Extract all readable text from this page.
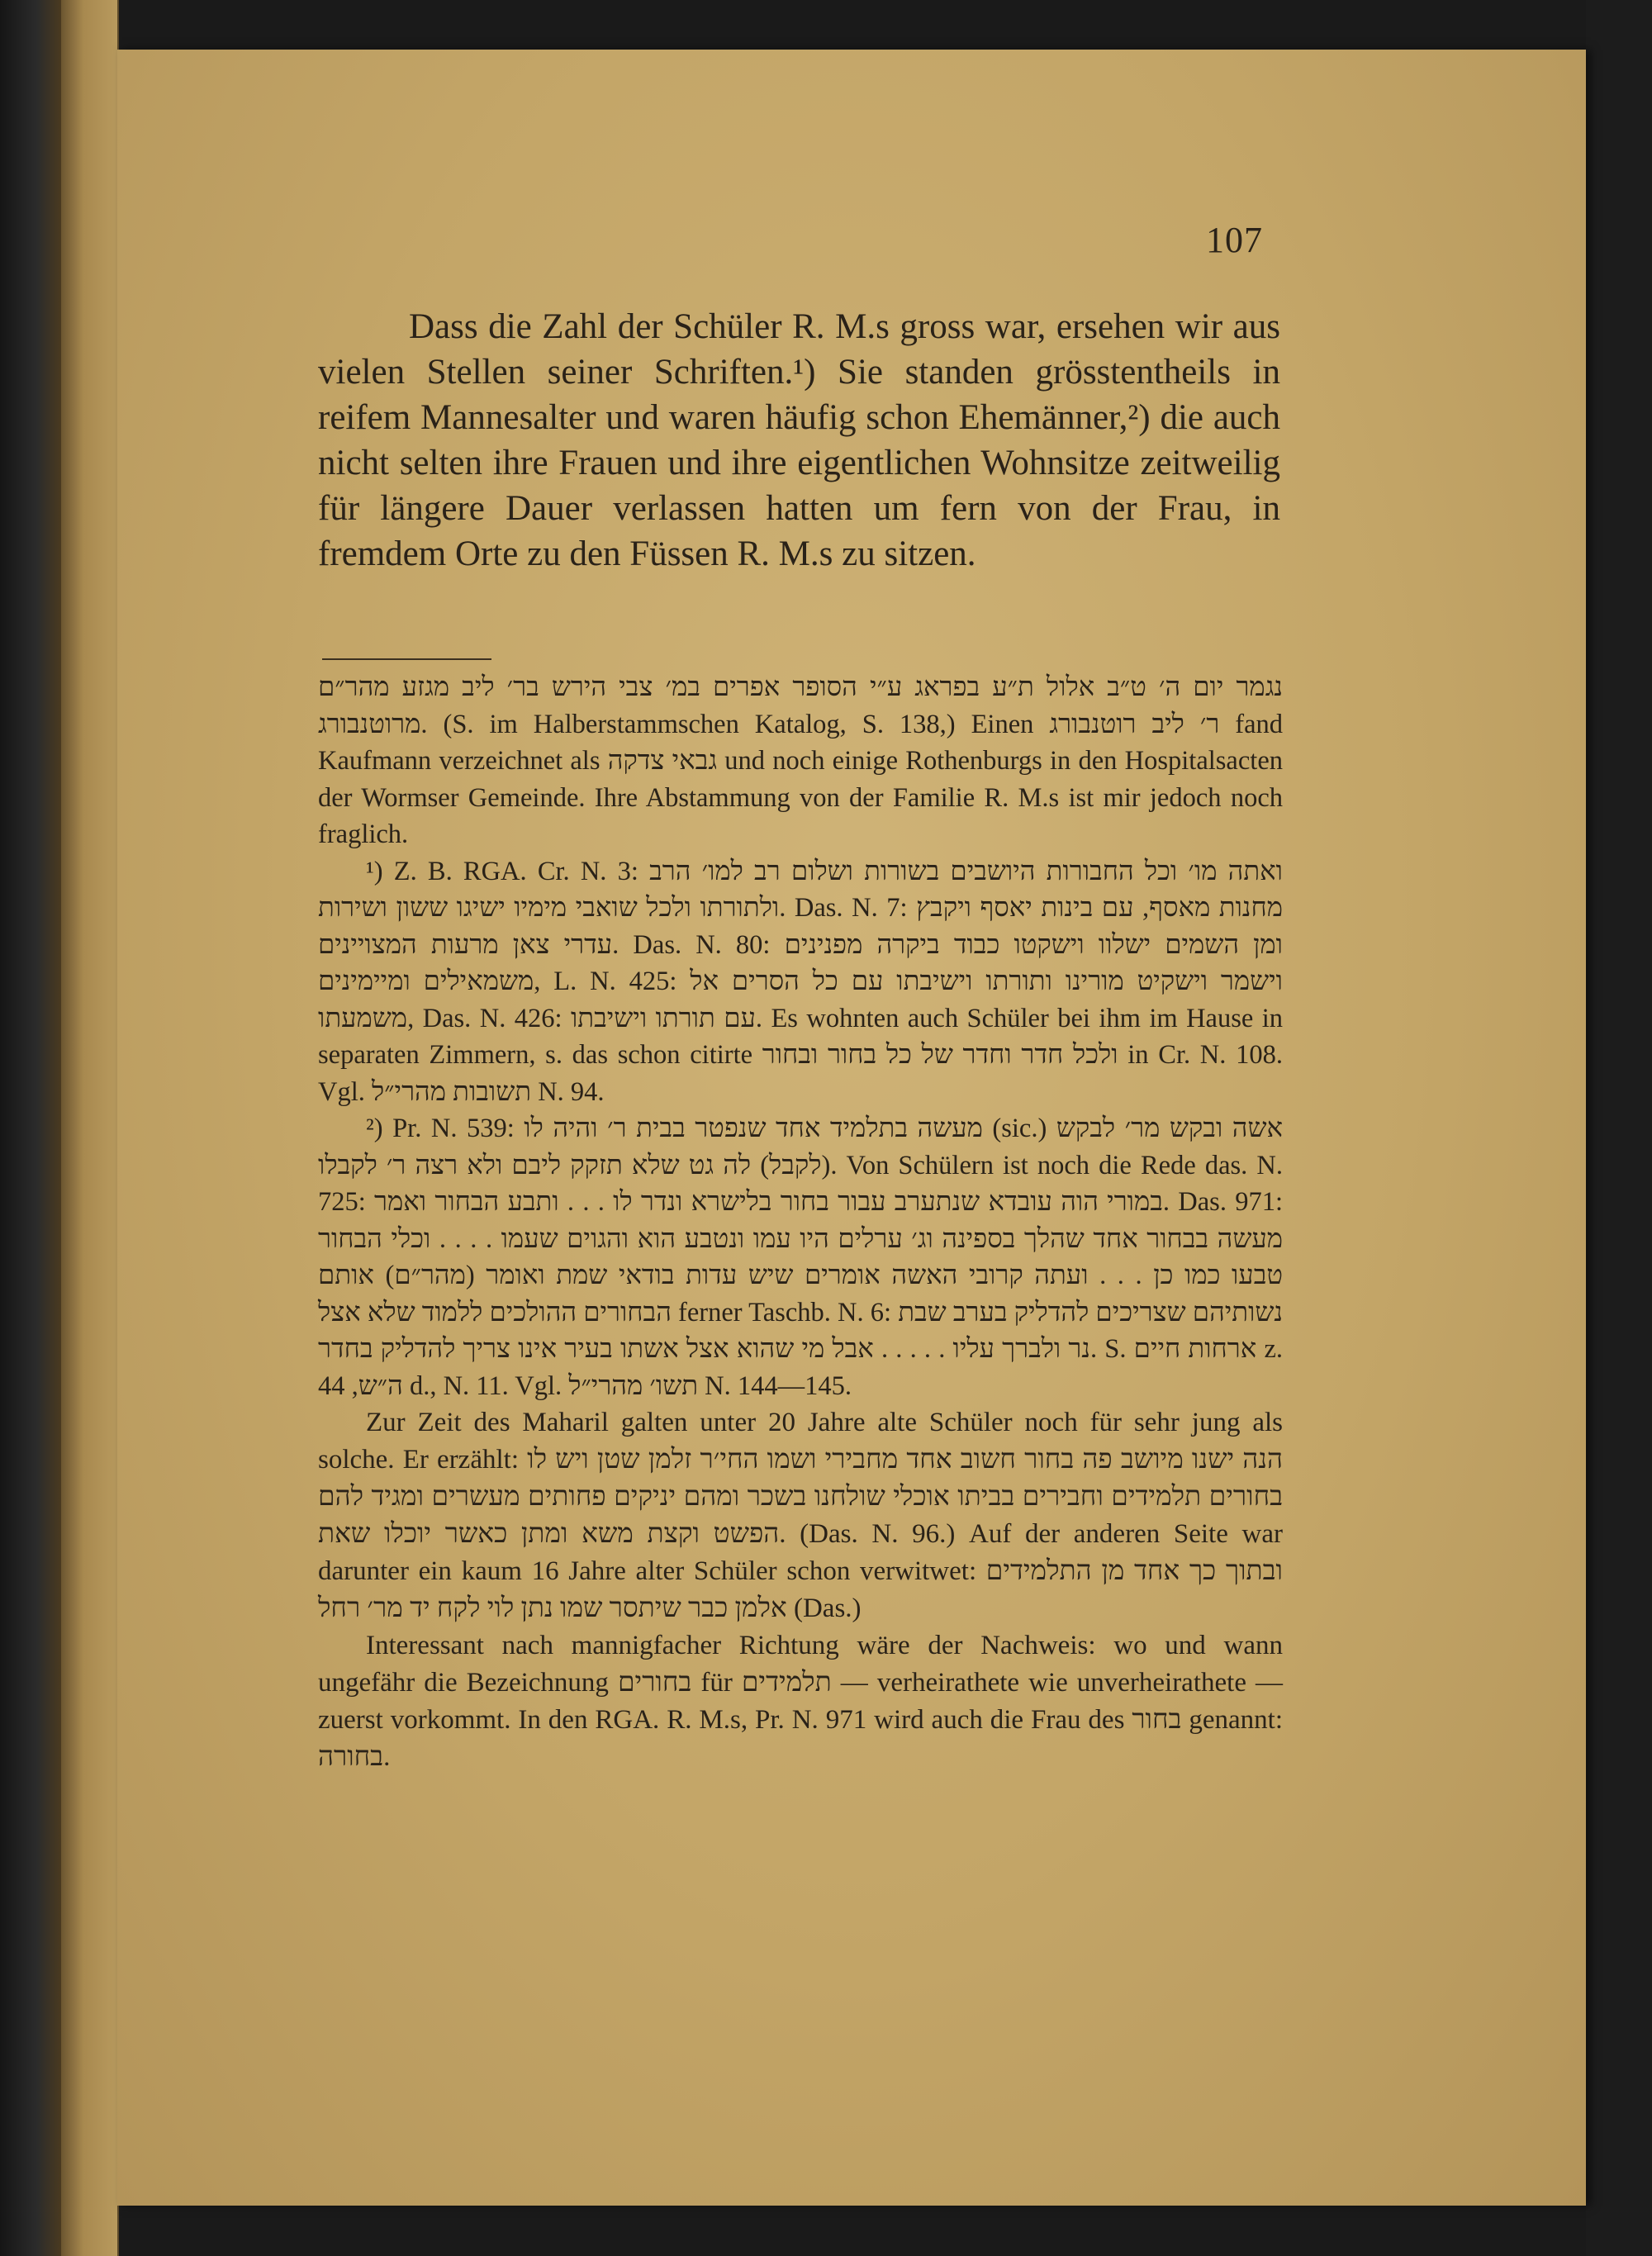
107

Dass die Zahl der Schüler R. M.s gross war, ersehen wir aus vielen Stellen seiner Schriften.¹) Sie standen grösstentheils in reifem Mannesalter und waren häufig schon Ehemänner,²) die auch nicht selten ihre Frauen und ihre eigentlichen Wohnsitze zeitweilig für längere Dauer verlassen hatten um fern von der Frau, in fremdem Orte zu den Füssen R. M.s zu sitzen.

נגמר יום ה׳ ט״ב אלול ת״ע בפראג ע״י הסופר אפרים במ׳ צבי הירש בר׳ ליב מגזע מהר״ם מרוטנבורג. (S. im Halberstammschen Katalog, S. 138,) Einen ר׳ ליב רוטנבורג fand Kaufmann verzeichnet als גבאי צדקה und noch einige Rothenburgs in den Hospitalsacten der Wormser Gemeinde. Ihre Abstammung von der Familie R. M.s ist mir jedoch noch fraglich.

¹) Z. B. RGA. Cr. N. 3: ואתה מו׳ וכל החבורות היושבים בשורות ושלום רב למו׳ הרב ולתורתו ולכל שואבי מימיו ישיגו ששון ושירות. Das. N. 7: מחנות מאסף, עם בינות יאסף ויקבץ עדרי צאן מרעות המצויינים. Das. N. 80: ומן השמים ישלוו וישקטו כבוד ביקרה מפנינים משמאילים ומיימינים, L. N. 425: וישמר וישקיט מורינו ותורתו וישיבתו עם כל הסרים אל משמעתו, Das. N. 426: עם תורתו וישיבתו. Es wohnten auch Schüler bei ihm im Hause in separaten Zimmern, s. das schon citirte ולכל חדר וחדר של כל בחור ובחור in Cr. N. 108. Vgl. תשובות מהרי״ל N. 94.

²) Pr. N. 539: מעשה בתלמיד אחד שנפטר בבית ר׳ והיה לו (sic.) אשה ובקש מר׳ לבקש (לקבל) לה גט שלא תזקק ליבם ולא רצה ר׳ לקבלו. Von Schülern ist noch die Rede das. N. 725: במורי הוה עובדא שנתערב עבור בחור בלישרא ונדר לו . . . ותבע הבחור ואמר. Das. 971: מעשה בבחור אחד שהלך בספינה וג׳ ערלים היו עמו ונטבע הוא והגוים שעמו . . . . וכלי הבחור טבעו כמו כן . . . ועתה קרובי האשה אומרים שיש עדות בודאי שמת ואומר (מהר״ם) אותם הבחורים ההולכים ללמוד שלא אצל ferner Taschb. N. 6: נשותיהם שצריכים להדליק בערב שבת נר ולברך עליו . . . . . אבל מי שהוא אצל אשתו בעיר אינו צריך להדליק בחדר. S. ארחות חיים z. ה״ש, 44 d., N. 11. Vgl. תשו׳ מהרי״ל N. 144—145.

Zur Zeit des Maharil galten unter 20 Jahre alte Schüler noch für sehr jung als solche. Er erzählt: הנה ישנו מיושב פה בחור חשוב אחד מחבירי ושמו החי׳ר זלמן שטן ויש לו בחורים תלמידים וחבירים בביתו אוכלי שולחנו בשכר ומהם יניקים פחותים מעשרים ומגיד להם הפשט וקצת משא ומתן כאשר יוכלו שאת. (Das. N. 96.) Auf der anderen Seite war darunter ein kaum 16 Jahre alter Schüler schon verwitwet: ובתוך כך אחד מן התלמידים אלמן כבר שיתסר שמו נתן לוי לקח יד מר׳ רחל (Das.)

Interessant nach mannigfacher Richtung wäre der Nachweis: wo und wann ungefähr die Bezeichnung בחורים für תלמידים — verheirathete wie unverheirathete — zuerst vorkommt. In den RGA. R. M.s, Pr. N. 971 wird auch die Frau des בחור genannt: בחורה.
